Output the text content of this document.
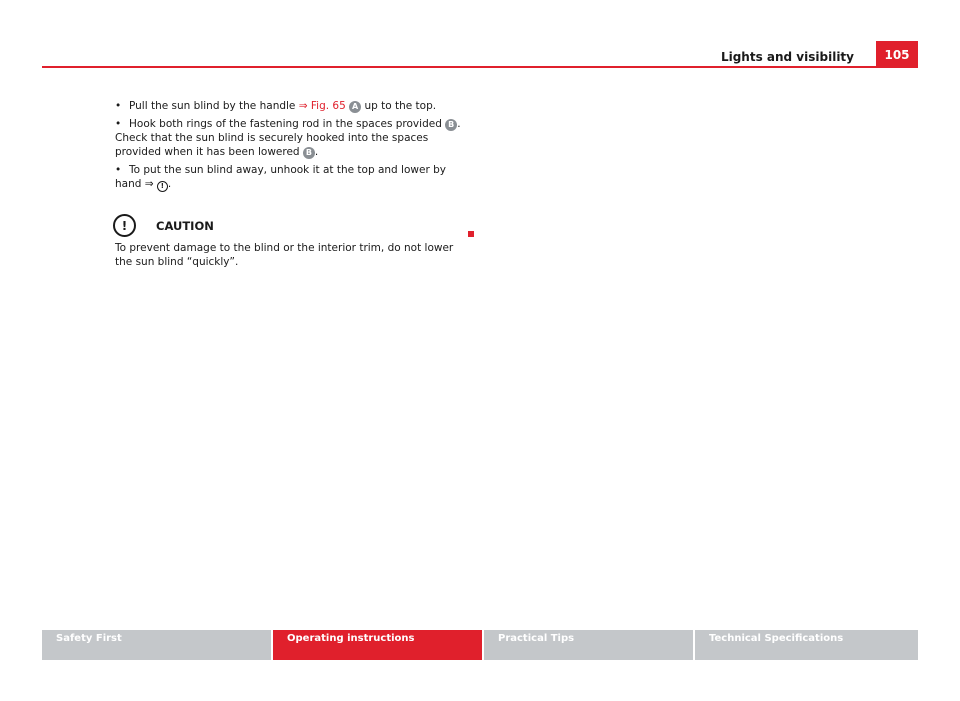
Lights and visibility	105

• Pull the sun blind by the handle ⇒ Fig. 65 A up to the top.

• Hook both rings of the fastening rod in the spaces provided B . Check that the sun blind is securely hooked into the spaces provided when it has been lowered B .

• To put the sun blind away, unhook it at the top and lower by hand ⇒ ! .

!	CAUTION
To prevent damage to the blind or the interior trim, do not lower the sun blind “quickly”.
Safety First	Operating instructions	Practical Tips	Technical Specifications
